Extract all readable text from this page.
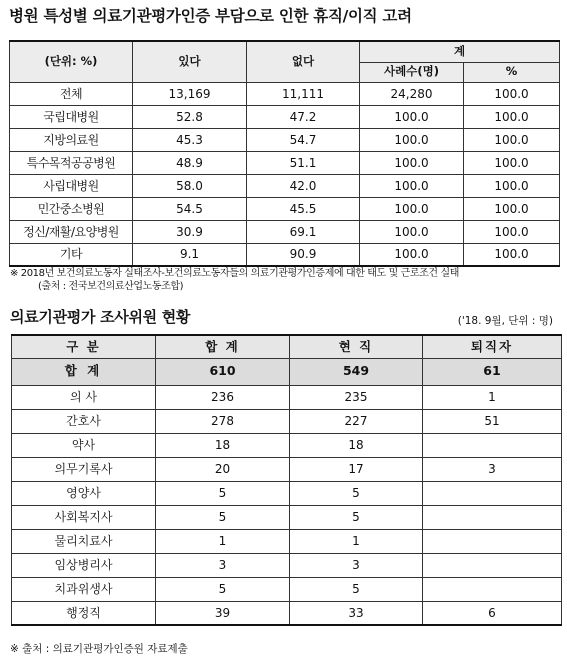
병원 특성별 의료기관평가인증 부담으로 인한 휴직/이직 고려
(단위: %)	있다	없다	계	
			사례수(명)	%
전체	13,169	11,111	24,280	100.0
국립대병원	52.8	47.2	100.0	100.0
지방의료원	45.3	54.7	100.0	100.0
특수목적공공병원	48.9	51.1	100.0	100.0
사립대병원	58.0	42.0	100.0	100.0
민간중소병원	54.5	45.5	100.0	100.0
정신/재활/요양병원	30.9	69.1	100.0	100.0
기타	9.1	90.9	100.0	100.0
※ 2018년 보건의료노동자 실태조사-보건의료노동자들의 의료기관평가인증제에 대한 태도 및 근로조건 실태
(출처 : 전국보건의료산업노동조합)
의료기관평가 조사위원 현황	('18. 9월, 단위 : 명)
구 분	합 계	현 직	퇴직자
합 계	610	549	61
의 사	236	235	1
간호사	278	227	51
약사	18	18	
의무기록사	20	17	3
영양사	5	5	
사회복지사	5	5	
물리치료사	1	1	
임상병리사	3	3	
치과위생사	5	5	
행정직	39	33	6
※ 출처 : 의료기관평가인증원 자료제출
